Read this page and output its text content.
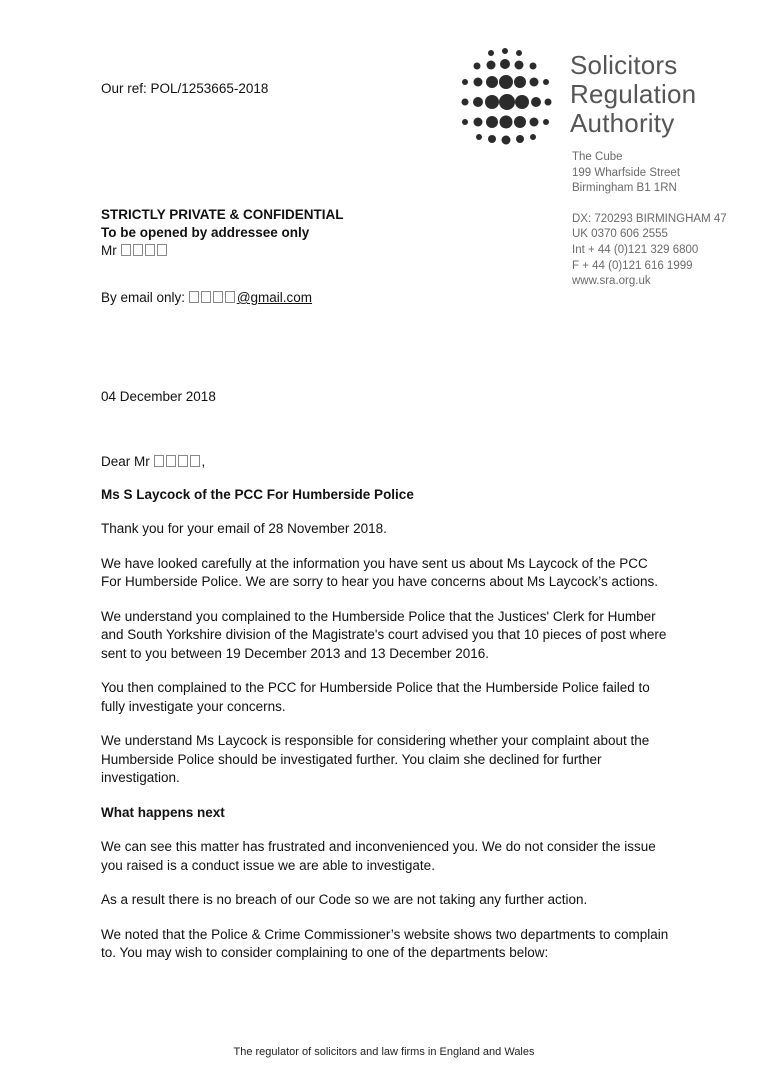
Our ref: POL/1253665-2018
Solicitors
Regulation
Authority
The Cube
199 Wharfside Street
Birmingham B1 1RN
DX: 720293 BIRMINGHAM 47
UK 0370 606 2555
Int + 44 (0)121 329 6800
F + 44 (0)121 616 1999
www.sra.org.uk
STRICTLY PRIVATE & CONFIDENTIAL
To be opened by addressee only
Mr
By email only:	@gmail.com
04 December 2018
Dear Mr	,
Ms S Laycock of the PCC For Humberside Police

Thank you for your email of 28 November 2018.

We have looked carefully at the information you have sent us about Ms Laycock of the PCC For Humberside Police. We are sorry to hear you have concerns about Ms Laycock’s actions.

We understand you complained to the Humberside Police that the Justices' Clerk for Humber and South Yorkshire division of the Magistrate's court advised you that 10 pieces of post where sent to you between 19 December 2013 and 13 December 2016.

You then complained to the PCC for Humberside Police that the Humberside Police failed to fully investigate your concerns.

We understand Ms Laycock is responsible for considering whether your complaint about the Humberside Police should be investigated further. You claim she declined for further investigation.

What happens next

We can see this matter has frustrated and inconvenienced you. We do not consider the issue you raised is a conduct issue we are able to investigate.

As a result there is no breach of our Code so we are not taking any further action.

We noted that the Police & Crime Commissioner’s website shows two departments to complain to. You may wish to consider complaining to one of the departments below:

The regulator of solicitors and law firms in England and Wales
